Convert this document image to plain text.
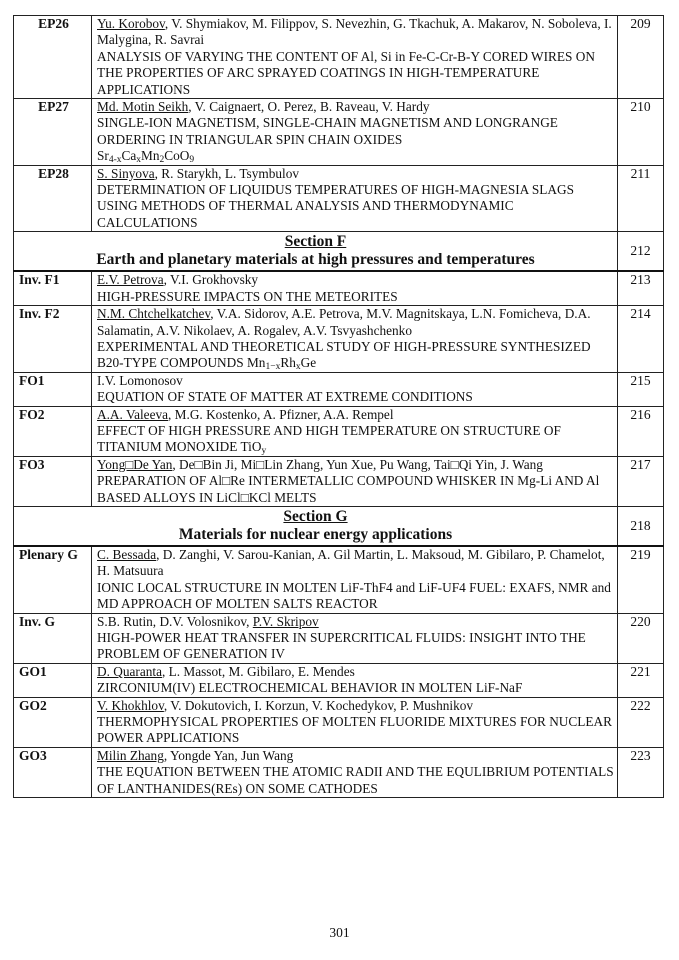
EP26	Yu. Korobov, V. Shymiakov, M. Filippov, S. Nevezhin, G. Tkachuk, A. Makarov, N. Soboleva, I. Malygina, R. Savrai
ANALYSIS OF VARYING THE CONTENT OF Al, Si in Fe-C-Cr-B-Y CORED WIRES ON THE PROPERTIES OF ARC SPRAYED COATINGS IN HIGH-TEMPERATURE APPLICATIONS	209
EP27	Md. Motin Seikh, V. Caignaert, O. Perez, B. Raveau, V. Hardy
SINGLE-ION MAGNETISM, SINGLE-CHAIN MAGNETISM AND LONGRANGE ORDERING IN TRIANGULAR SPIN CHAIN OXIDES
$Sr_{4-x}Ca_xMn_2CoO_9$	210
EP28	S. Sinyova, R. Starykh, L. Tsymbulov
DETERMINATION OF LIQUIDUS TEMPERATURES OF HIGH-MAGNESIA SLAGS USING METHODS OF THERMAL ANALYSIS AND THERMODYNAMIC CALCULATIONS	211

Section F
Earth and planetary materials at high pressures and temperatures		212
Inv. F1	E.V. Petrova, V.I. Grokhovsky
HIGH-PRESSURE IMPACTS ON THE METEORITES	213
Inv. F2	N.M. Chtchelkatchev, V.A. Sidorov, A.E. Petrova, M.V. Magnitskaya, L.N. Fomicheva, D.A. Salamatin, A.V. Nikolaev, A. Rogalev, A.V. Tsvyashchenko
EXPERIMENTAL AND THEORETICAL STUDY OF HIGH-PRESSURE SYNTHESIZED B20-TYPE COMPOUNDS $Mn_{1-x}Rh_xGe$	214
FO1	I.V. Lomonosov
EQUATION OF STATE OF MATTER AT EXTREME CONDITIONS	215
FO2	A.A. Valeeva, M.G. Kostenko, A. Pfizner, A.A. Rempel
EFFECT OF HIGH PRESSURE AND HIGH TEMPERATURE ON STRUCTURE OF TITANIUM MONOXIDE TiO$_y$	216
FO3	Yong□De Yan, De□Bin Ji, Mi□Lin Zhang, Yun Xue, Pu Wang, Tai□Qi Yin, J. Wang
PREPARATION OF Al□Re INTERMETALLIC COMPOUND WHISKER IN Mg-Li AND Al BASED ALLOYS IN LiCl□KCl MELTS	217

Section G
Materials for nuclear energy applications		218
Plenary G	C. Bessada, D. Zanghi, V. Sarou-Kanian, A. Gil Martin, L. Maksoud, M. Gibilaro, P. Chamelot, H. Matsuura
IONIC LOCAL STRUCTURE IN MOLTEN LiF-ThF4 and LiF-UF4 FUEL: EXAFS, NMR and MD APPROACH OF MOLTEN SALTS REACTOR	219
Inv. G	S.B. Rutin, D.V. Volosnikov, P.V. Skripov
HIGH-POWER HEAT TRANSFER IN SUPERCRITICAL FLUIDS: INSIGHT INTO THE PROBLEM OF GENERATION IV	220
GO1	D. Quaranta, L. Massot, M. Gibilaro, E. Mendes
ZIRCONIUM(IV) ELECTROCHEMICAL BEHAVIOR IN MOLTEN LiF-NaF	221
GO2	V. Khokhlov, V. Dokutovich, I. Korzun, V. Kochedykov, P. Mushnikov
THERMOPHYSICAL PROPERTIES OF MOLTEN FLUORIDE MIXTURES FOR NUCLEAR POWER APPLICATIONS	222
GO3	Milin Zhang, Yongde Yan, Jun Wang
THE EQUATION BETWEEN THE ATOMIC RADII AND THE EQULIBRIUM POTENTIALS OF LANTHANIDES(REs) ON SOME CATHODES	223
301
